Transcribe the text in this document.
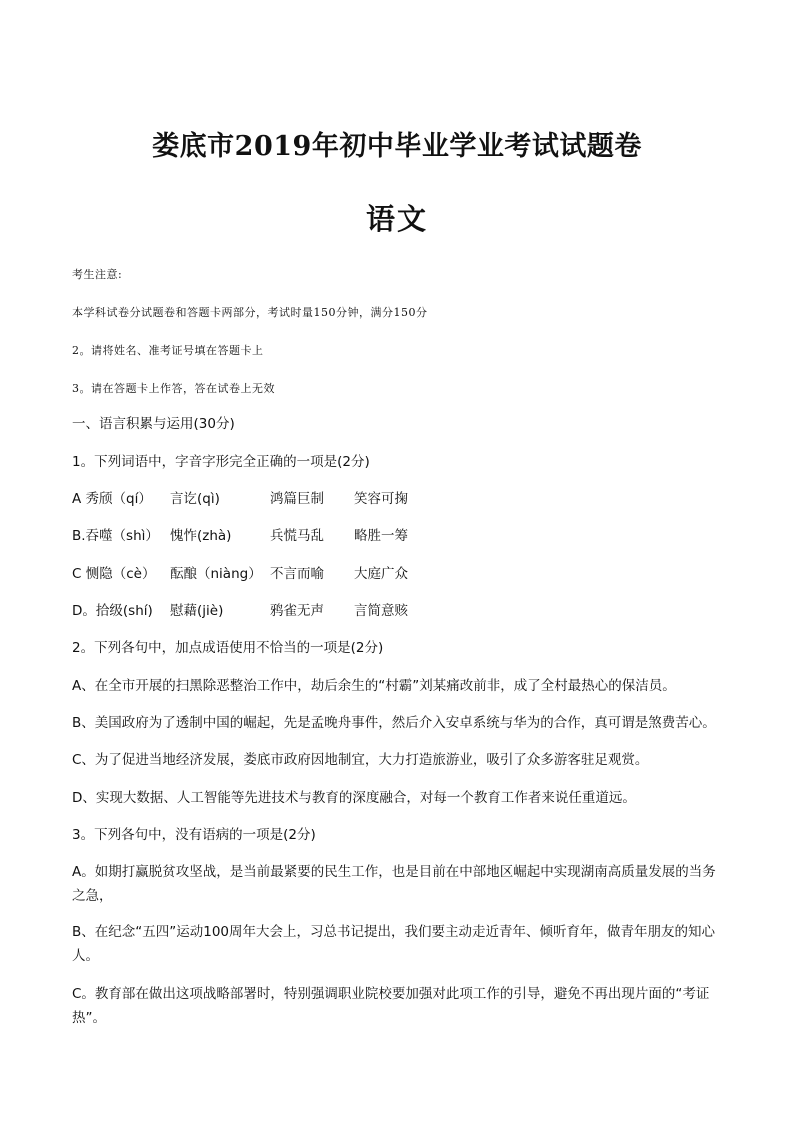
娄底市2019年初中毕业学业考试试题卷
语文

考生注意:

本学科试卷分试题卷和答题卡两部分，考试时量150分钟，满分150分

2。请将姓名、准考证号填在答题卡上

3。请在答题卡上作答，答在试卷上无效

一、语言积累与运用(30分)

1。下列词语中，字音字形完全正确的一项是(2分)

A 秀颀（qí） 言讫(qì)	鸿篇巨制 笑容可掬
B.吞噬（shì） 愧怍(zhà)	兵慌马乱 略胜一筹
C 恻隐（cè） 酝酿（niàng） 不言而喻 大庭广众
D。拾级(shí) 慰藉(jiè)	鸦雀无声 言简意赅

2。下列各句中，加点成语使用不恰当的一项是(2分)

A、在全市开展的扫黑除恶整治工作中，劫后余生的“村霸”刘某痛改前非，成了全村最热心的保洁员。

B、美国政府为了透制中国的崛起，先是孟晚舟事件，然后介入安卓系统与华为的合作，真可谓是煞费苦心。

C、为了促进当地经济发展，娄底市政府因地制宜，大力打造旅游业，吸引了众多游客驻足观赏。

D、实现大数据、人工智能等先进技术与教育的深度融合，对每一个教育工作者来说任重道远。

3。下列各句中，没有语病的一项是(2分)

A。如期打赢脱贫攻坚战，是当前最紧要的民生工作，也是目前在中部地区崛起中实现湖南高质量发展的当务之急，

B、在纪念“五四”运动100周年大会上，习总书记提出，我们要主动走近青年、倾听育年，做青年朋友的知心人。

C。教育部在做出这项战略部署时，特别强调职业院校要加强对此项工作的引导，避免不再出现片面的“考证热”。
